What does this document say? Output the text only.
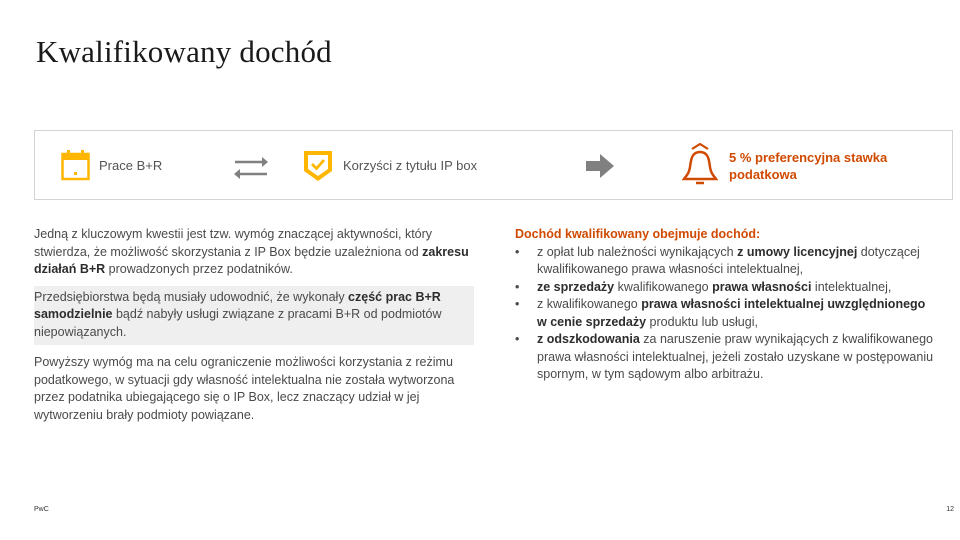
Kwalifikowany dochód
Prace B+R	Korzyści z tytułu IP box
5 % preferencyjna stawka
podatkowa

Jedną z kluczowym kwestii jest tzw. wymóg znaczącej aktywności, który stwierdza, że możliwość skorzystania z IP Box będzie uzależniona od zakresu działań B+R prowadzonych przez podatników.

Przedsiębiorstwa będą musiały udowodnić, że wykonały część prac B+R samodzielnie bądź nabyły usługi związane z pracami B+R od podmiotów niepowiązanych.

Powyższy wymóg ma na celu ograniczenie możliwości korzystania z reżimu podatkowego, w sytuacji gdy własność intelektualna nie została wytworzona przez podatnika ubiegającego się o IP Box, lecz znaczący udział w jej wytworzeniu brały podmioty powiązane.

Dochód kwalifikowany obejmuje dochód:

• z opłat lub należności wynikających z umowy licencyjnej dotyczącej kwalifikowanego prawa własności intelektualnej,
• ze sprzedaży kwalifikowanego prawa własności intelektualnej,
• z kwalifikowanego prawa własności intelektualnej uwzględnionego w cenie sprzedaży produktu lub usługi,
• z odszkodowania za naruszenie praw wynikających z kwalifikowanego prawa własności intelektualnej, jeżeli zostało uzyskane w postępowaniu spornym, w tym sądowym albo arbitrażu.
PwC	12
